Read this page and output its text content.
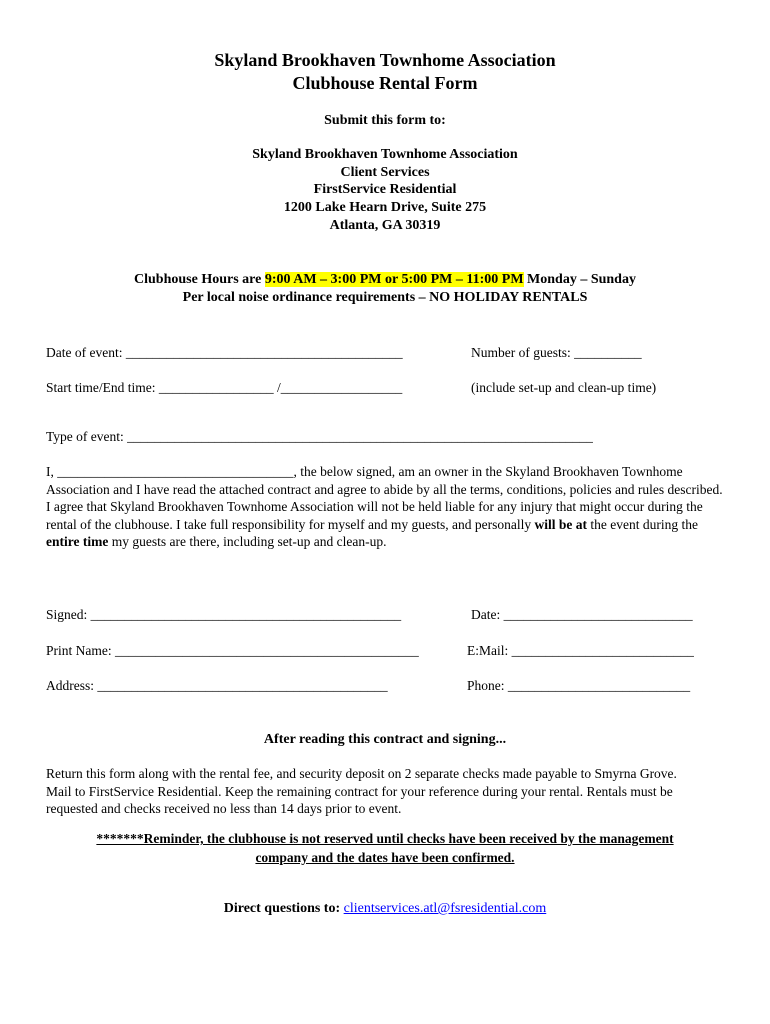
Skyland Brookhaven Townhome Association
Clubhouse Rental Form
Submit this form to:
Skyland Brookhaven Townhome Association
Client Services
FirstService Residential
1200 Lake Hearn Drive, Suite 275
Atlanta, GA 30319
Clubhouse Hours are 9:00 AM – 3:00 PM or 5:00 PM – 11:00 PM Monday – Sunday
Per local noise ordinance requirements – NO HOLIDAY RENTALS
Date of event: _________________________________________	Number of guests: __________
Start time/End time: _________________ /__________________	(include set-up and clean-up time)
Type of event: _____________________________________________________________________
I, ___________________________________, the below signed, am an owner in the Skyland Brookhaven Townhome Association and I have read the attached contract and agree to abide by all the terms, conditions, policies and rules described. I agree that Skyland Brookhaven Townhome Association will not be held liable for any injury that might occur during the rental of the clubhouse. I take full responsibility for myself and my guests, and personally will be at the event during the entire time my guests are there, including set-up and clean-up.
Signed: ______________________________________________	Date: ____________________________
Print Name: _____________________________________________	E:Mail: ___________________________
Address: ___________________________________________	Phone: ___________________________
After reading this contract and signing...
Return this form along with the rental fee, and security deposit on 2 separate checks made payable to Smyrna Grove. Mail to FirstService Residential. Keep the remaining contract for your reference during your rental. Rentals must be requested and checks received no less than 14 days prior to event.
*******Reminder, the clubhouse is not reserved until checks have been received by the management
company and the dates have been confirmed.
Direct questions to: clientservices.atl@fsresidential.com
